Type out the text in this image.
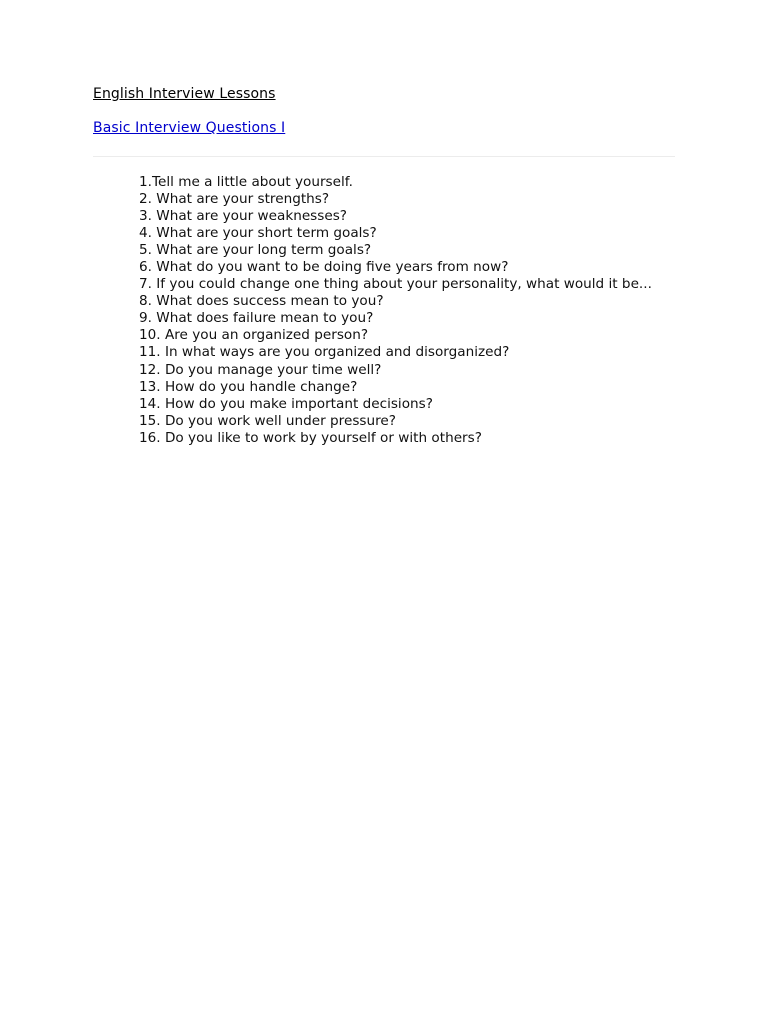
English Interview Lessons
Basic Interview Questions I
1.Tell me a little about yourself.
2. What are your strengths?
3. What are your weaknesses?
4. What are your short term goals?
5. What are your long term goals?
6. What do you want to be doing five years from now?
7. If you could change one thing about your personality, what would it be...
8. What does success mean to you?
9. What does failure mean to you?
10. Are you an organized person?
11. In what ways are you organized and disorganized?
12. Do you manage your time well?
13. How do you handle change?
14. How do you make important decisions?
15. Do you work well under pressure?
16. Do you like to work by yourself or with others?
